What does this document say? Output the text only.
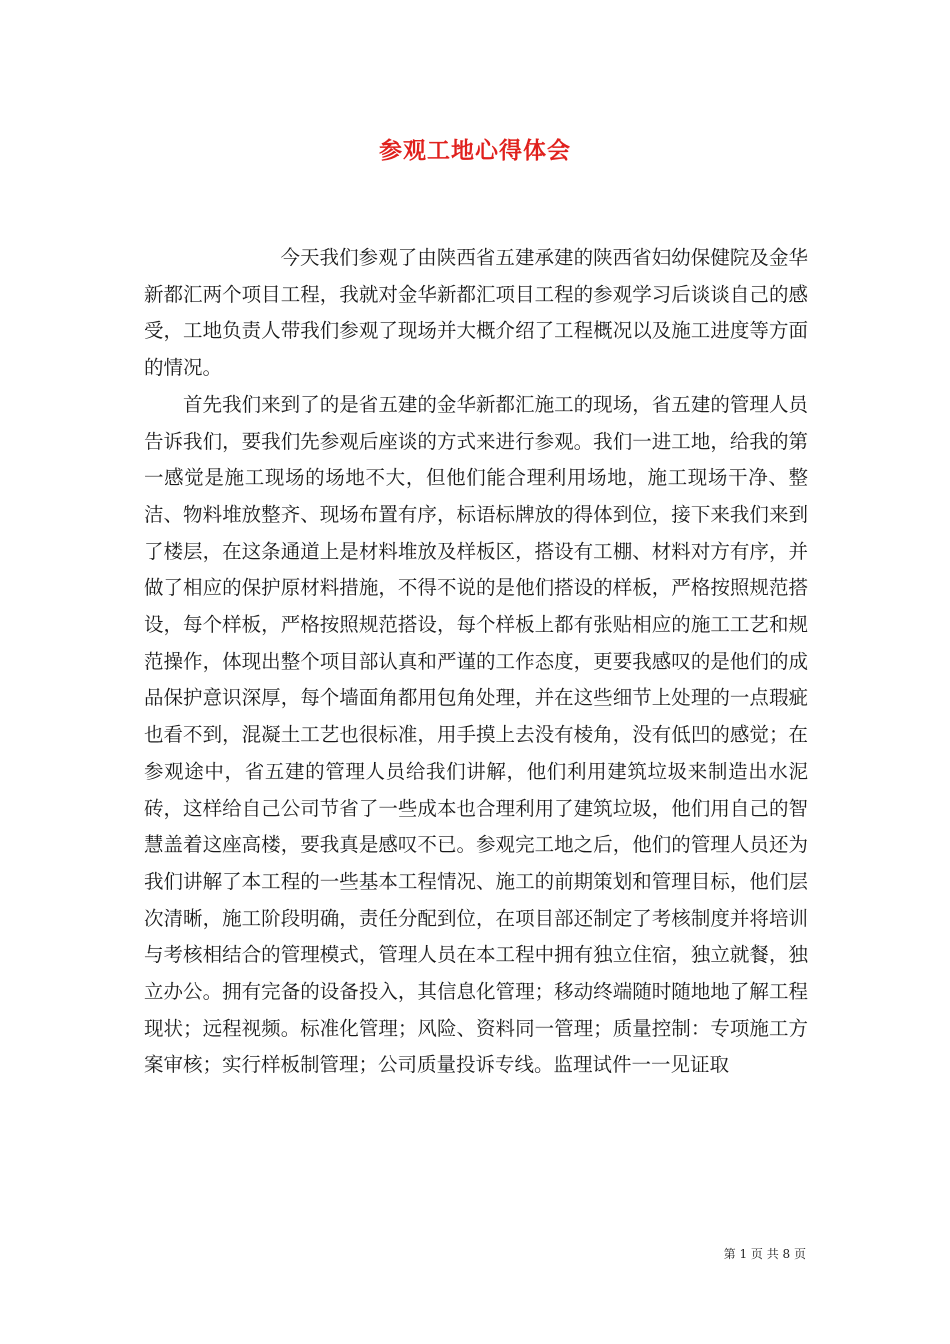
参观工地心得体会

今天我们参观了由陕西省五建承建的陕西省妇幼保健院及金华新都汇两个项目工程，我就对金华新都汇项目工程的参观学习后谈谈自己的感受，工地负责人带我们参观了现场并大概介绍了工程概况以及施工进度等方面的情况。

首先我们来到了的是省五建的金华新都汇施工的现场，省五建的管理人员告诉我们，要我们先参观后座谈的方式来进行参观。我们一进工地，给我的第一感觉是施工现场的场地不大，但他们能合理利用场地，施工现场干净、整洁、物料堆放整齐、现场布置有序，标语标牌放的得体到位，接下来我们来到了楼层，在这条通道上是材料堆放及样板区，搭设有工棚、材料对方有序，并做了相应的保护原材料措施，不得不说的是他们搭设的样板，严格按照规范搭设，每个样板，严格按照规范搭设，每个样板上都有张贴相应的施工工艺和规范操作，体现出整个项目部认真和严谨的工作态度，更要我感叹的是他们的成品保护意识深厚，每个墙面角都用包角处理，并在这些细节上处理的一点瑕疵也看不到，混凝土工艺也很标准，用手摸上去没有棱角，没有低凹的感觉；在参观途中，省五建的管理人员给我们讲解，他们利用建筑垃圾来制造出水泥砖，这样给自己公司节省了一些成本也合理利用了建筑垃圾，他们用自己的智慧盖着这座高楼，要我真是感叹不已。参观完工地之后，他们的管理人员还为我们讲解了本工程的一些基本工程情况、施工的前期策划和管理目标，他们层次清晰，施工阶段明确，责任分配到位，在项目部还制定了考核制度并将培训与考核相结合的管理模式，管理人员在本工程中拥有独立住宿，独立就餐，独立办公。拥有完备的设备投入，其信息化管理；移动终端随时随地地了解工程现状；远程视频。标准化管理；风险、资料同一管理；质量控制：专项施工方案审核；实行样板制管理；公司质量投诉专线。监理试件一一见证取

第 1 页 共 8 页
